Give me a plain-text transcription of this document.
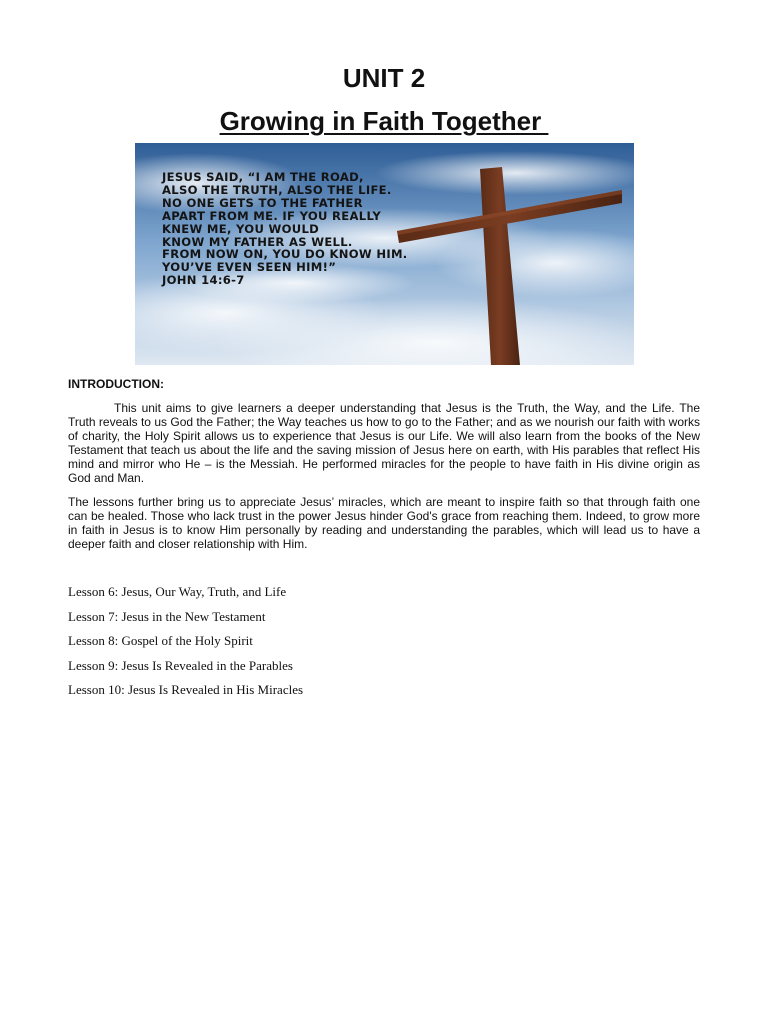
UNIT 2
Growing in Faith Together
JESUS SAID, “I AM THE ROAD,
ALSO THE TRUTH, ALSO THE LIFE.
NO ONE GETS TO THE FATHER
APART FROM ME. IF YOU REALLY
KNEW ME, YOU WOULD
KNOW MY FATHER AS WELL.
FROM NOW ON, YOU DO KNOW HIM.
YOU’VE EVEN SEEN HIM!”
JOHN 14:6-7
INTRODUCTION:

This unit aims to give learners a deeper understanding that Jesus is the Truth, the Way, and the Life. The Truth reveals to us God the Father; the Way teaches us how to go to the Father; and as we nourish our faith with works of charity, the Holy Spirit allows us to experience that Jesus is our Life. We will also learn from the books of the New Testament that teach us about the life and the saving mission of Jesus here on earth, with His parables that reflect His mind and mirror who He – is the Messiah. He performed miracles for the people to have faith in His divine origin as God and Man.

The lessons further bring us to appreciate Jesus’ miracles, which are meant to inspire faith so that through faith one can be healed. Those who lack trust in the power Jesus hinder God's grace from reaching them. Indeed, to grow more in faith in Jesus is to know Him personally by reading and understanding the parables, which will lead us to have a deeper faith and closer relationship with Him.

Lesson 6: Jesus, Our Way, Truth, and Life
Lesson 7: Jesus in the New Testament
Lesson 8: Gospel of the Holy Spirit
Lesson 9: Jesus Is Revealed in the Parables
Lesson 10: Jesus Is Revealed in His Miracles
